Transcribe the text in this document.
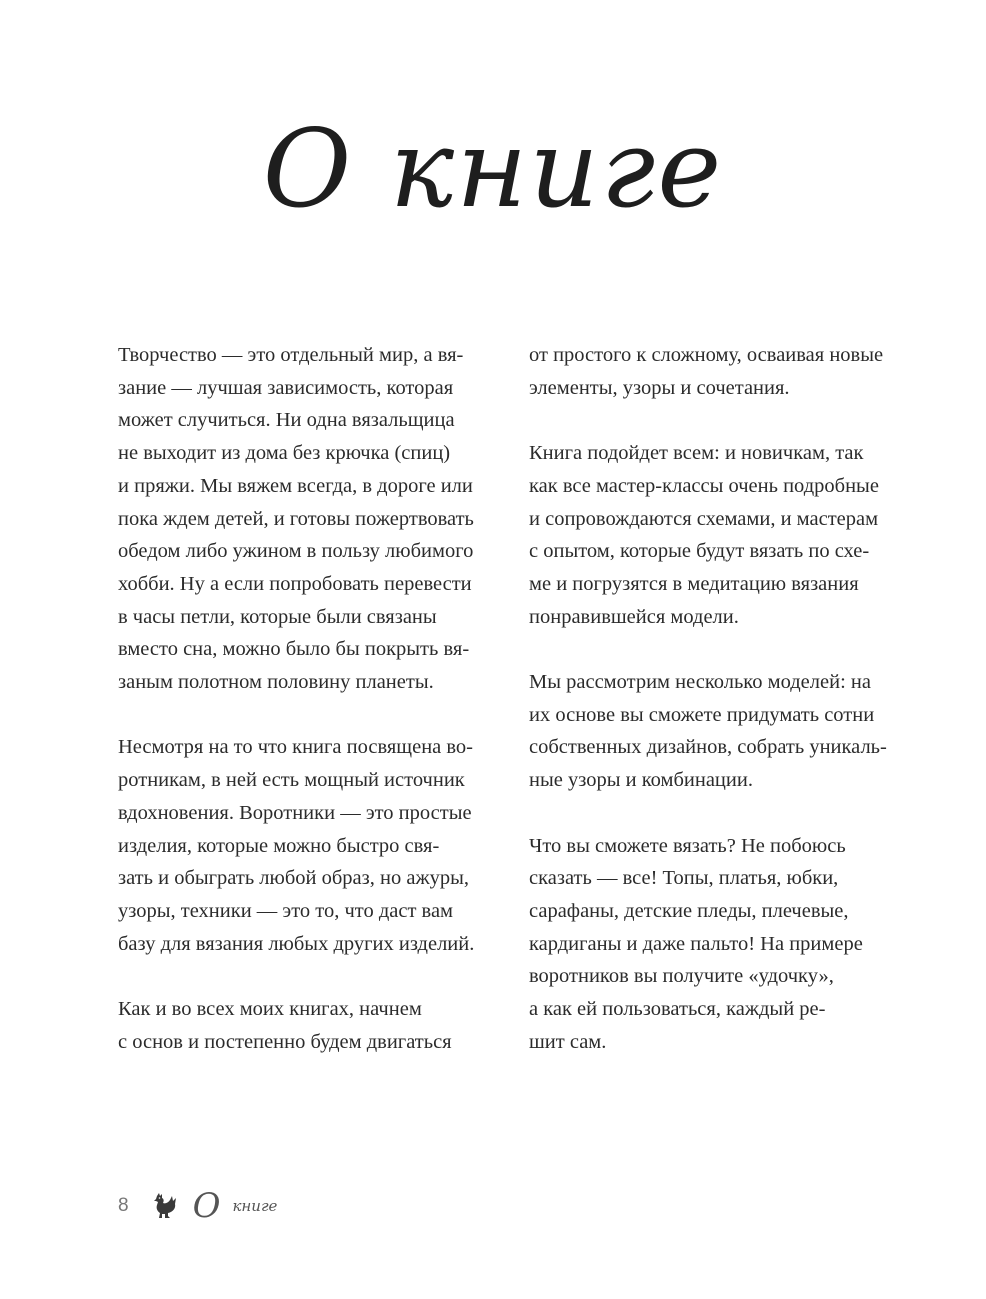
О книге

Творчество — это отдельный мир, а вя-
зание — лучшая зависимость, которая
может случиться. Ни одна вязальщица
не выходит из дома без крючка (спиц)
и пряжи. Мы вяжем всегда, в дороге или
пока ждем детей, и готовы пожертвовать
обедом либо ужином в пользу любимого
хобби. Ну а если попробовать перевести
в часы петли, которые были связаны
вместо сна, можно было бы покрыть вя-
заным полотном половину планеты.

Несмотря на то что книга посвящена во-
ротникам, в ней есть мощный источник
вдохновения. Воротники — это простые
изделия, которые можно быстро свя-
зать и обыграть любой образ, но ажуры,
узоры, техники — это то, что даст вам
базу для вязания любых других изделий.

Как и во всех моих книгах, начнем
с основ и постепенно будем двигаться

от простого к сложному, осваивая новые
элементы, узоры и сочетания.

Книга подойдет всем: и новичкам, так
как все мастер-классы очень подробные
и сопровождаются схемами, и мастерам
с опытом, которые будут вязать по схе-
ме и погрузятся в медитацию вязания
понравившейся модели.

Мы рассмотрим несколько моделей: на
их основе вы сможете придумать сотни
собственных дизайнов, собрать уникаль-
ные узоры и комбинации.

Что вы сможете вязать? Не побоюсь
сказать — все! Топы, платья, юбки,
сарафаны, детские пледы, плечевые,
кардиганы и даже пальто! На примере
воротников вы получите «удочку»,
а как ей пользоваться, каждый ре-
шит сам.

8 О книге
